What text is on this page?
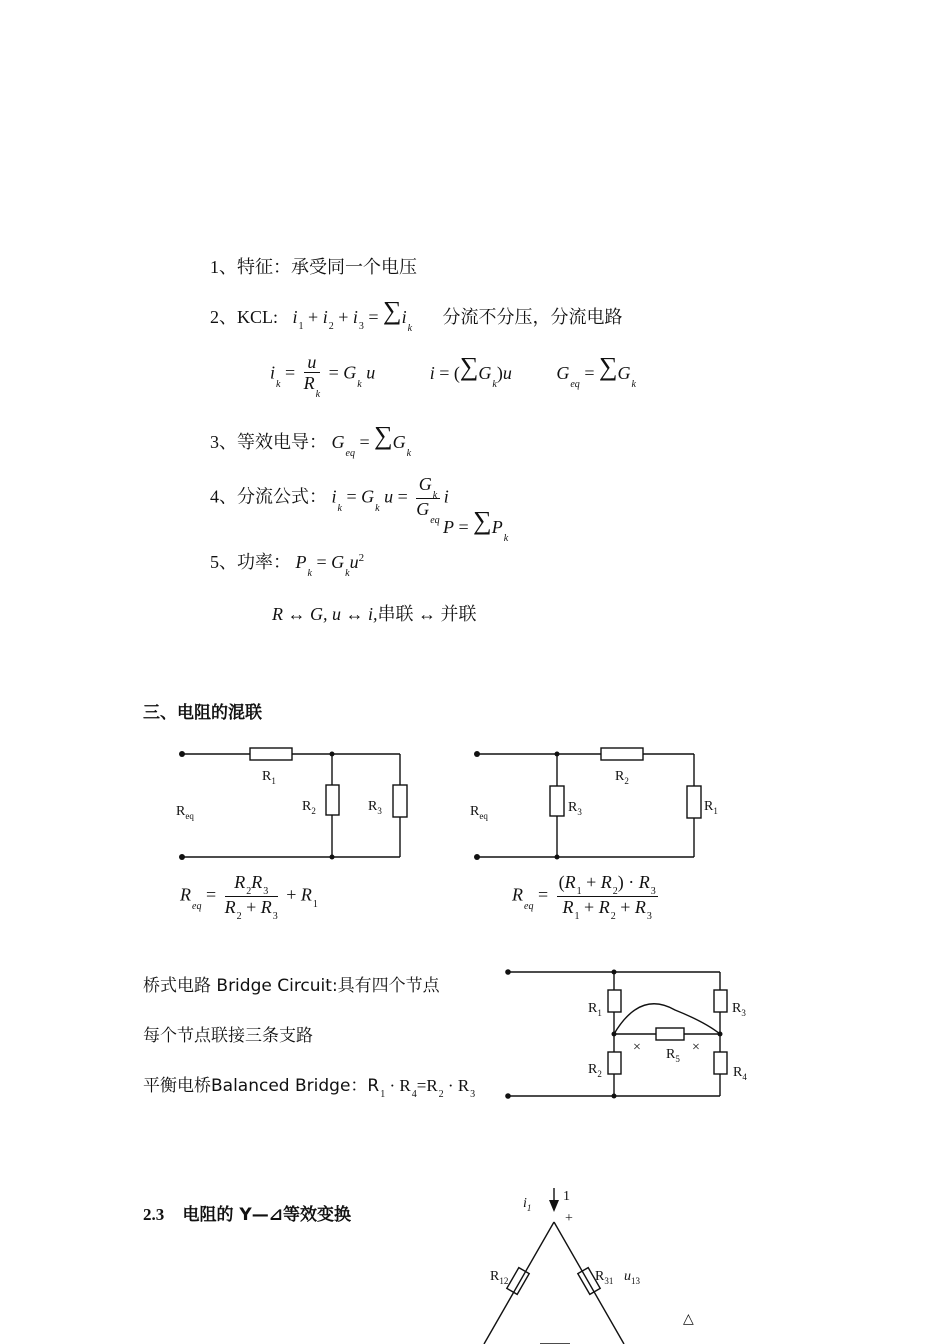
1、特征：承受同一个电压
2、KCL: $i_1 + i_2 + i_3 = \sum i_k$ 分流不分压，分流电路
$i_k = \frac{u}{R_k} = G_k$ u	$i = (\sum G_k)u$ $G_{eq} = \sum G_k$
3、等效电导： $G_{eq} = \sum G_k$
4、分流公式： $i_k = G_k$ $u = \frac{G_k}{G_{eq}}$ i
$P = \sum P_k$
5、功率： $P_k = G_ku^2$
R ↔ G, u ↔ i,串联 ↔ 并联
三、电阻的混联
$R_1$
$R_2$	$R_3$
$R_{eq}$
$R_{eq} = \frac{R_2R_3}{R_2 + R_3} + R_1$
$R_2$
$R_3$	$R_1$
$R_{eq}$
$R_{eq} = \frac{(R_1 + R_2) \cdot R_3}{R_1 + R_2 + R_3}$
桥式电路 Bridge Circuit:具有四个节点
每个节点联接三条支路
平衡电桥Balanced Bridge：$R_1 \cdot R_4=R_2 \cdot R_3$
$R_1$	$R_3$
$R_5$
$R_2$	$R_4$
×	×
2.3 电阻的 Y—⊿等效变换
$i_1$
1
+
$R_{12}$	$R_{31}$ $u_{13}$
△
